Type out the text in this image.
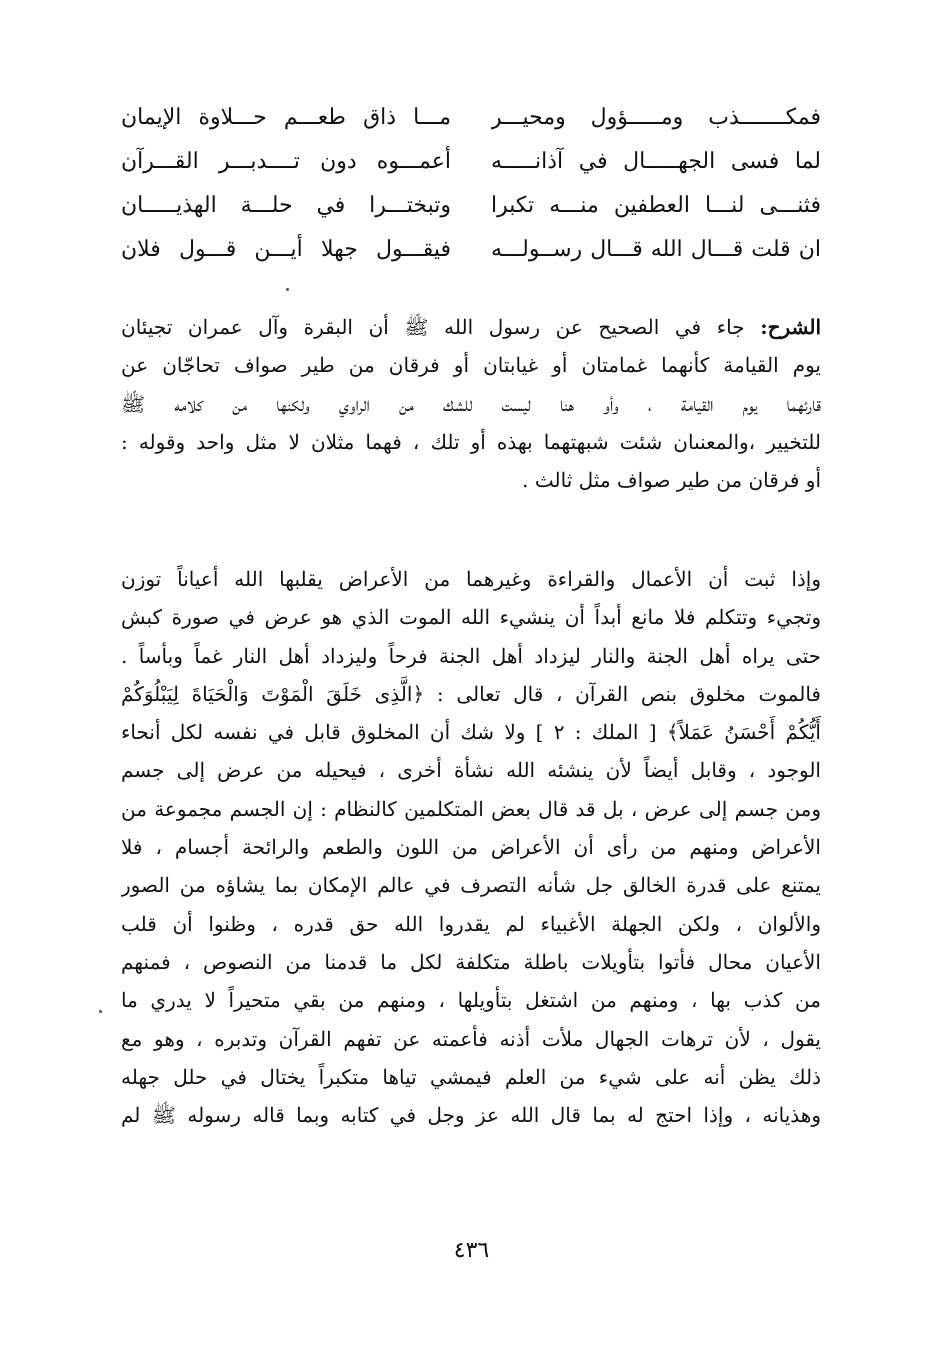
فمكـــــــذب ومـــــؤول ومحيـــر
مـــا ذاق طعـــم حـــلاوة الإيمان
لما فسى الجهـــــال في آذانـــــه
أعمـــوه دون تــــدبـــر القـــرآن
فثنـــى لنـــا العطفين منـــه تكبرا
وتبختـــرا في حلـــة الهذيـــــان
ان قلت قـــال الله قـــال رســولـــه
فيقـــول جهلا أيـــن قـــول فلان
الشرح: جاء في الصحيح عن رسول الله ﷺ أن البقرة وآل عمران تجيئان
يوم القيامة كأنهما غمامتان أو غيابتان أو فرقان من طير صواف تحاجّان عن
قارئهما يوم القيامة ، وأو هنا ليست للشك من الراوي ولكنها من كلامه ﷺ
للتخيير ،والمعنىان شئت شبهتهما بهذه أو تلك ، فهما مثلان لا مثل واحد وقوله :
أو فرقان من طير صواف مثل ثالث .
وإذا ثبت أن الأعمال والقراءة وغيرهما من الأعراض يقلبها الله أعياناً توزن
وتجيء وتتكلم فلا مانع أبداً أن ينشيء الله الموت الذي هو عرض في صورة كبش
حتى يراه أهل الجنة والنار ليزداد أهل الجنة فرحاً وليزداد أهل النار غماً وبأساً .
فالموت مخلوق بنص القرآن ، قال تعالى : ﴿الَّذِى خَلَقَ الْمَوْتَ وَالْحَيَاةَ لِيَبْلُوَكُمْ
أَيُّكُمْ أَحْسَنُ عَمَلاً﴾ [ الملك : ٢ ] ولا شك أن المخلوق قابل في نفسه لكل أنحاء
الوجود ، وقابل أيضاً لأن ينشئه الله نشأة أخرى ، فيحيله من عرض إلى جسم
ومن جسم إلى عرض ، بل قد قال بعض المتكلمين كالنظام : إن الجسم مجموعة من
الأعراض ومنهم من رأى أن الأعراض من اللون والطعم والرائحة أجسام ، فلا
يمتنع على قدرة الخالق جل شأنه التصرف في عالم الإمكان بما يشاؤه من الصور
والألوان ، ولكن الجهلة الأغبياء لم يقدروا الله حق قدره ، وظنوا أن قلب
الأعيان محال فأتوا بتأويلات باطلة متكلفة لكل ما قدمنا من النصوص ، فمنهم
من كذب بها ، ومنهم من اشتغل بتأويلها ، ومنهم من بقي متحيراً لا يدري ما
يقول ، لأن ترهات الجهال ملأت أذنه فأعمته عن تفهم القرآن وتدبره ، وهو مع
ذلك يظن أنه على شيء من العلم فيمشي تياها متكبراً يختال في حلل جهله
وهذيانه ، وإذا احتج له بما قال الله عز وجل في كتابه وبما قاله رسوله ﷺ لم
٤٣٦
